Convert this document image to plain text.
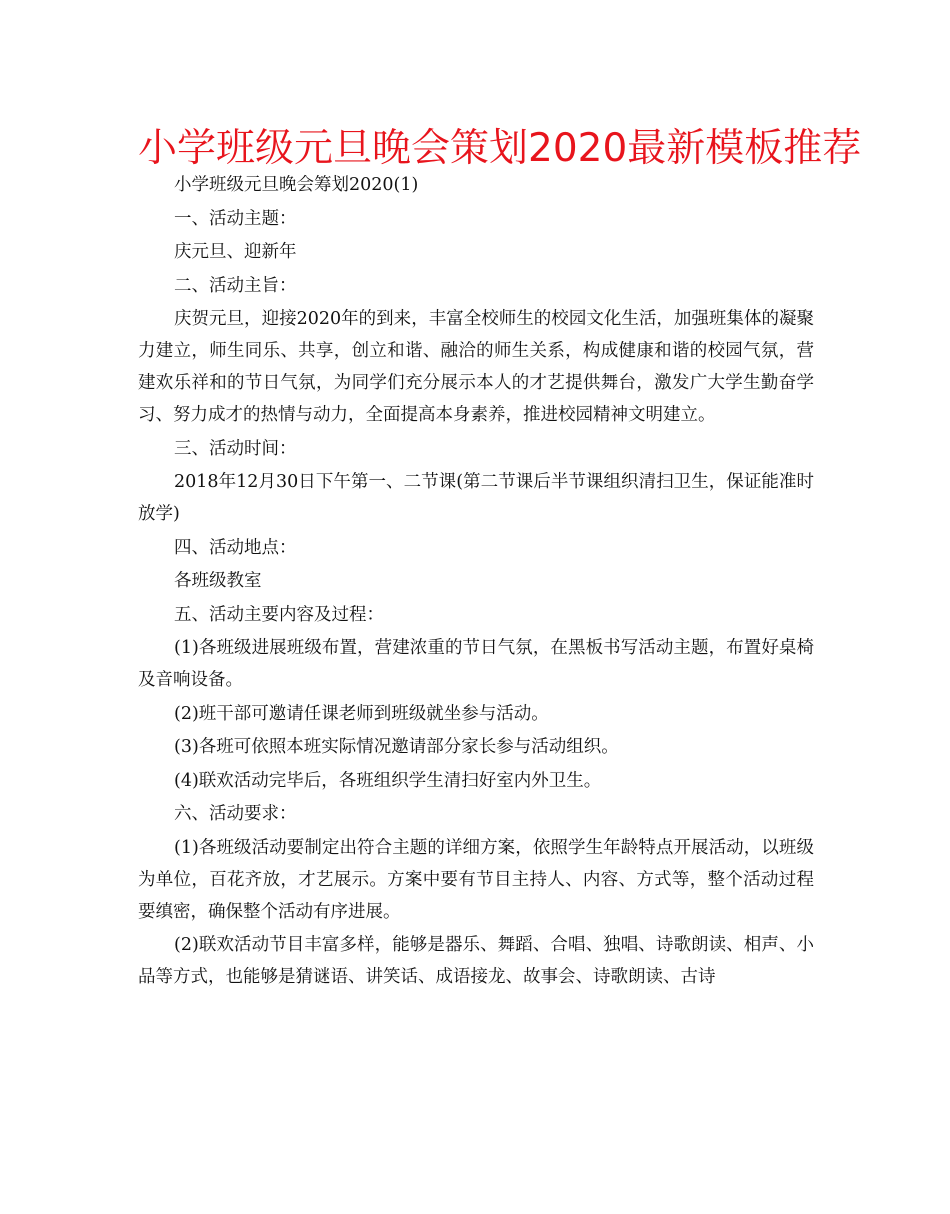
小学班级元旦晚会策划2020最新模板推荐

小学班级元旦晚会筹划2020(1)

一、活动主题：

庆元旦、迎新年

二、活动主旨：

庆贺元旦，迎接2020年的到来，丰富全校师生的校园文化生活，加强班集体的凝聚力建立，师生同乐、共享，创立和谐、融洽的师生关系，构成健康和谐的校园气氛，营建欢乐祥和的节日气氛，为同学们充分展示本人的才艺提供舞台，激发广大学生勤奋学习、努力成才的热情与动力，全面提高本身素养，推进校园精神文明建立。

三、活动时间：

2018年12月30日下午第一、二节课(第二节课后半节课组织清扫卫生，保证能准时放学)

四、活动地点：

各班级教室

五、活动主要内容及过程：

(1)各班级进展班级布置，营建浓重的节日气氛，在黑板书写活动主题，布置好桌椅及音响设备。

(2)班干部可邀请任课老师到班级就坐参与活动。

(3)各班可依照本班实际情况邀请部分家长参与活动组织。

(4)联欢活动完毕后，各班组织学生清扫好室内外卫生。

六、活动要求：

(1)各班级活动要制定出符合主题的详细方案，依照学生年龄特点开展活动，以班级为单位，百花齐放，才艺展示。方案中要有节目主持人、内容、方式等，整个活动过程要缜密，确保整个活动有序进展。

(2)联欢活动节目丰富多样，能够是器乐、舞蹈、合唱、独唱、诗歌朗读、相声、小品等方式，也能够是猜谜语、讲笑话、成语接龙、故事会、诗歌朗读、古诗
